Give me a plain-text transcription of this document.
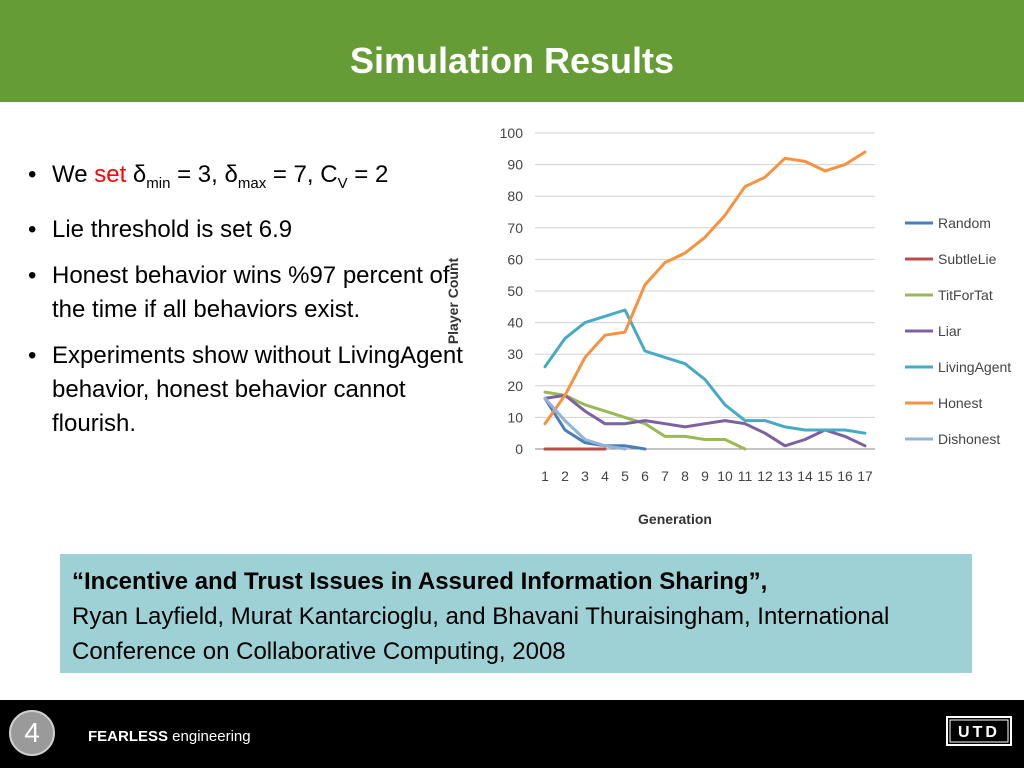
Simulation Results
• We set $\delta_{min} = 3$, $\delta_{max} = 7$, $C_V = 2$
• Lie threshold is set 6.9
• Honest behavior wins %97 percent of the time if all behaviors exist.
• Experiments show without LivingAgent behavior, honest behavior cannot flourish.
0
10
20
30
40
50
60
70
80
90
100
1 2 3 4 5 6 7 8 9 10 11 12 13 14 15 16 17
Generation
Player Count
Random
SubtleLie
TitForTat
Liar
LivingAgent
Honest
Dishonest
“Incentive and Trust Issues in Assured Information Sharing”,
Ryan Layfield, Murat Kantarcioglu, and Bhavani Thuraisingham, International Conference on Collaborative Computing, 2008
4	FEARLESS engineering	UTD
